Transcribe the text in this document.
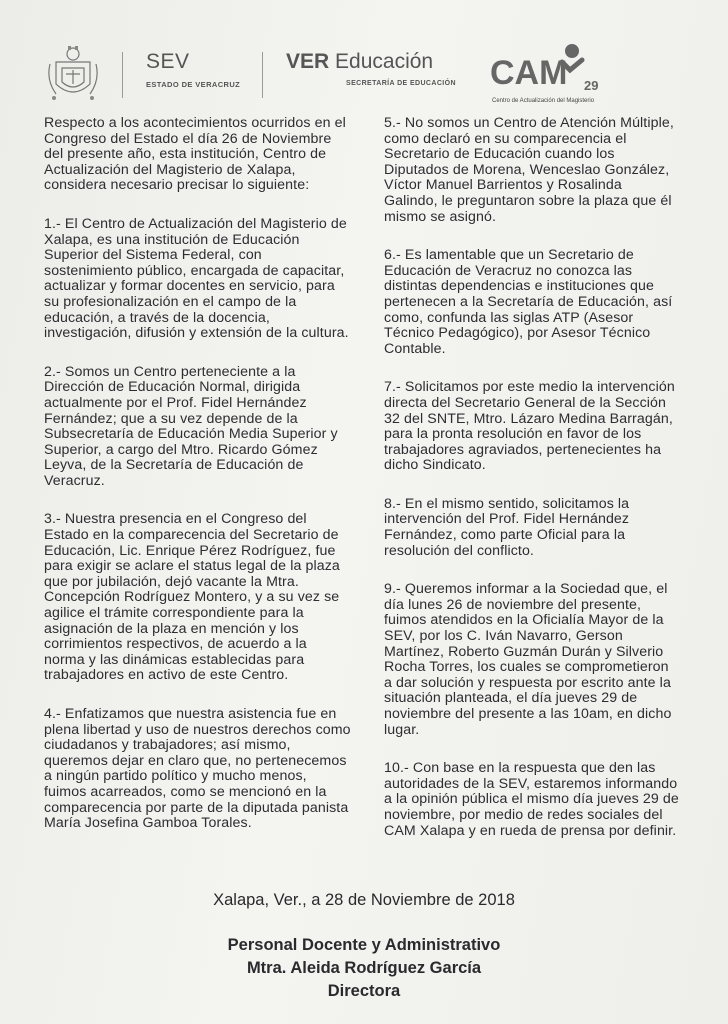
SEV
ESTADO DE VERACRUZ
VER Educación
SECRETARÍA DE EDUCACIÓN CAM 29
Centro de Actualización del Magisterio
Respecto a los acontecimientos ocurridos en el
Congreso del Estado el día 26 de Noviembre
del presente año, esta institución, Centro de
Actualización del Magisterio de Xalapa,
considera necesario precisar lo siguiente:
1.- El Centro de Actualización del Magisterio de
Xalapa, es una institución de Educación
Superior del Sistema Federal, con
sostenimiento público, encargada de capacitar,
actualizar y formar docentes en servicio, para
su profesionalización en el campo de la
educación, a través de la docencia,
investigación, difusión y extensión de la cultura.
2.- Somos un Centro perteneciente a la
Dirección de Educación Normal, dirigida
actualmente por el Prof. Fidel Hernández
Fernández; que a su vez depende de la
Subsecretaría de Educación Media Superior y
Superior, a cargo del Mtro. Ricardo Gómez
Leyva, de la Secretaría de Educación de
Veracruz.
3.- Nuestra presencia en el Congreso del
Estado en la comparecencia del Secretario de
Educación, Lic. Enrique Pérez Rodríguez, fue
para exigir se aclare el status legal de la plaza
que por jubilación, dejó vacante la Mtra.
Concepción Rodríguez Montero, y a su vez se
agilice el trámite correspondiente para la
asignación de la plaza en mención y los
corrimientos respectivos, de acuerdo a la
norma y las dinámicas establecidas para
trabajadores en activo de este Centro.
4.- Enfatizamos que nuestra asistencia fue en
plena libertad y uso de nuestros derechos como
ciudadanos y trabajadores; así mismo,
queremos dejar en claro que, no pertenecemos
a ningún partido político y mucho menos,
fuimos acarreados, como se mencionó en la
comparecencia por parte de la diputada panista
María Josefina Gamboa Torales.
5.- No somos un Centro de Atención Múltiple,
como declaró en su comparecencia el
Secretario de Educación cuando los
Diputados de Morena, Wenceslao González,
Víctor Manuel Barrientos y Rosalinda
Galindo, le preguntaron sobre la plaza que él
mismo se asignó.
6.- Es lamentable que un Secretario de
Educación de Veracruz no conozca las
distintas dependencias e instituciones que
pertenecen a la Secretaría de Educación, así
como, confunda las siglas ATP (Asesor
Técnico Pedagógico), por Asesor Técnico
Contable.
7.- Solicitamos por este medio la intervención
directa del Secretario General de la Sección
32 del SNTE, Mtro. Lázaro Medina Barragán,
para la pronta resolución en favor de los
trabajadores agraviados, pertenecientes ha
dicho Sindicato.
8.- En el mismo sentido, solicitamos la
intervención del Prof. Fidel Hernández
Fernández, como parte Oficial para la
resolución del conflicto.
9.- Queremos informar a la Sociedad que, el
día lunes 26 de noviembre del presente,
fuimos atendidos en la Oficialía Mayor de la
SEV, por los C. Iván Navarro, Gerson
Martínez, Roberto Guzmán Durán y Silverio
Rocha Torres, los cuales se comprometieron
a dar solución y respuesta por escrito ante la
situación planteada, el día jueves 29 de
noviembre del presente a las 10am, en dicho
lugar.
10.- Con base en la respuesta que den las
autoridades de la SEV, estaremos informando
a la opinión pública el mismo día jueves 29 de
noviembre, por medio de redes sociales del
CAM Xalapa y en rueda de prensa por definir.
Xalapa, Ver., a 28 de Noviembre de 2018
Personal Docente y Administrativo
Mtra. Aleida Rodríguez García
Directora
